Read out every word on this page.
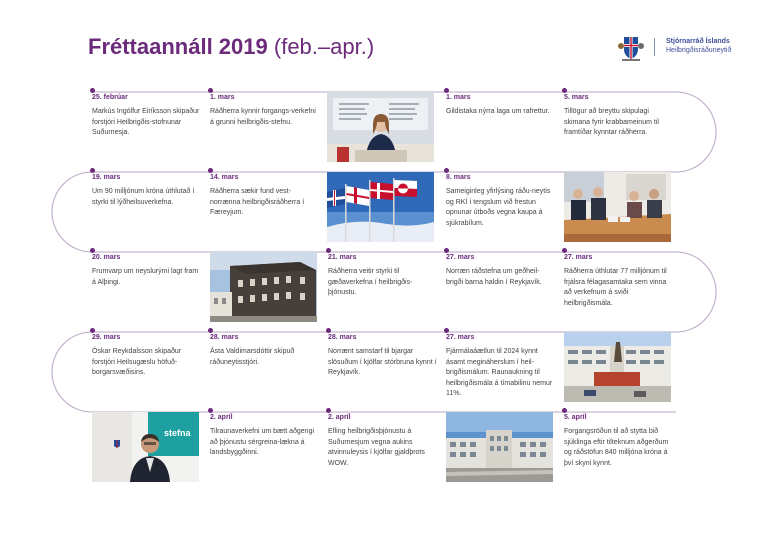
Fréttaannáll 2019 (feb.–apr.)	Stjórnarráð Íslands
Heilbrigðisráðuneytið
25. febrúar
Markús Ingólfur Eiríksson skipaður forstjóri Heilbrigðis-stofnunar Suðurnesja.
1. mars
Ráðherra kynnir forgangs-verkefni á grunni heilbrigðis-stefnu.
1. mars
Gildistaka nýrra laga um rafrettur.
5. mars
Tillögur að breyttu skipulagi skimana fyrir krabbameinum til framtíðar kynntar ráðherra.
19. mars
Um 90 milljónum króna úthlutað í styrki til lýðheilsuverkefna.
14. mars
Ráðherra sækir fund vest-norrænna heilbrigðisráðherra í Færeyjum.
8. mars
Sameiginleg yfirlýsing ráðu-neytis og RKÍ í tengslum við frestun opnunar útboðs vegna kaupa á sjúkrabílum.
20. mars
Frumvarp um neyslurými lagt fram á Alþingi.
21. mars
Ráðherra veitir styrki til gæðaverkefna í heilbrigðis-þjónustu.
27. mars
Norræn ráðstefna um geðheil-brigði barna haldin í Reykjavík.
27. mars
Ráðherra úthlutar 77 milljónum til frjálsra félagasamtaka sem vinna að verkefnum á sviði heilbrigðismála.
29. mars
Óskar Reykdalsson skipaður forstjóri Heilsugæslu höfuð-borgarsvæðisins.
28. mars
Ásta Valdimarsdóttir skipuð ráðuneytisstjóri.
28. mars
Norrænt samstarf til bjargar slösuðum í kjölfar stórbruna kynnt í Reykjavík.
27. mars
Fjármálaáætlun til 2024 kynnt ásamt megináherslum í heil-brigðismálum. Raunaukning til heilbrigðismála á tímabilinu nemur 11%.
2. apríl
Tilraunaverkefni um bætt aðgengi að þjónustu sérgreina-lækna á landsbyggðinni.
2. apríl
Efling heilbrigðisþjónustu á Suðurnesjum vegna aukins atvinnuleysis í kjölfar gjaldþrots WOW.
5. apríl
Forgangsröðun til að stytta bið sjúklinga eftir tilteknum aðgerðum og ráðstöfun 840 milljóna króna á því skyni kynnt.
stefna
